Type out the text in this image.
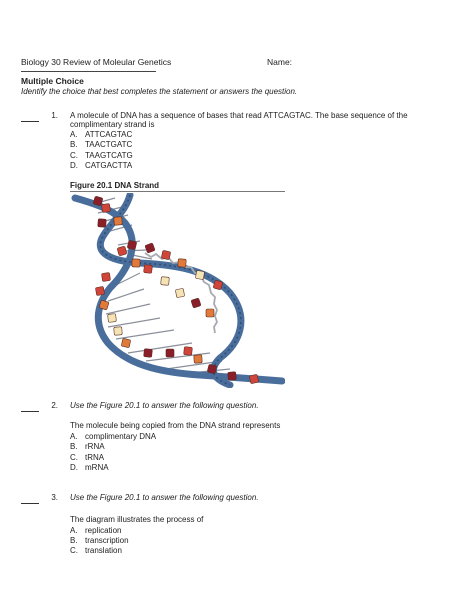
Biology 30 Review of Moleular Genetics	Name:
Multiple Choice
Identify the choice that best completes the statement or answers the question.
1. A molecule of DNA has a sequence of bases that read ATTCAGTAC. The base sequence of the
complimentary strand is
A. ATTCAGTAC
B. TAACTGATC
C. TAAGTCATG
D. CATGACTTA
Figure 20.1 DNA Strand
2. Use the Figure 20.1 to answer the following question.
The molecule being copied from the DNA strand represents
A. complimentary DNA
B. rRNA
C. tRNA
D. mRNA
3. Use the Figure 20.1 to answer the following question.
The diagram illustrates the process of
A. replication
B. transcription
C. translation
